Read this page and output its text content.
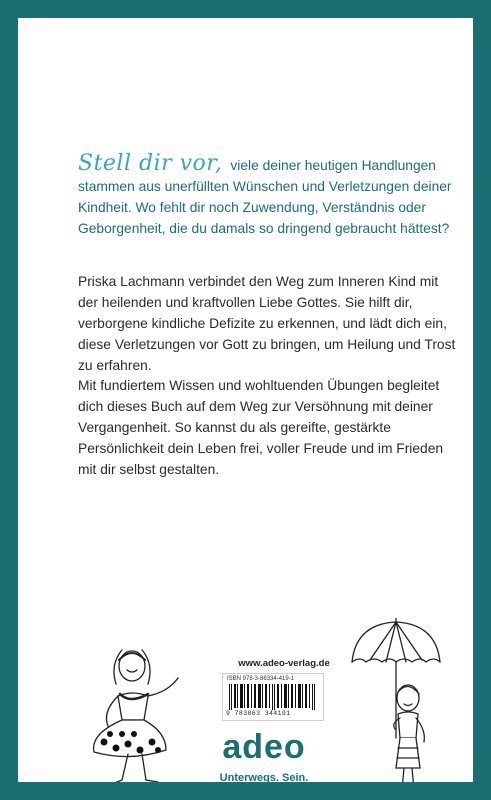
Stell dir vor, viele deiner heutigen Handlungen stammen aus unerfüllten Wünschen und Verletzungen deiner Kindheit. Wo fehlt dir noch Zuwendung, Verständnis oder Geborgenheit, die du damals so dringend gebraucht hättest?

Priska Lachmann verbindet den Weg zum Inneren Kind mit der heilenden und kraftvollen Liebe Gottes. Sie hilft dir, verborgene kindliche Defizite zu erkennen, und lädt dich ein, diese Verletzungen vor Gott zu bringen, um Heilung und Trost zu erfahren.

Mit fundiertem Wissen und wohltuenden Übungen begleitet dich dieses Buch auf dem Weg zur Versöhnung mit deiner Vergangenheit. So kannst du als gereifte, gestärkte Persönlichkeit dein Leben frei, voller Freude und im Frieden mit dir selbst gestalten.

www.adeo-verlag.de
ISBN 978-3-86334-419-1
9 783863 344191
adeo
Unterwegs. Sein.
